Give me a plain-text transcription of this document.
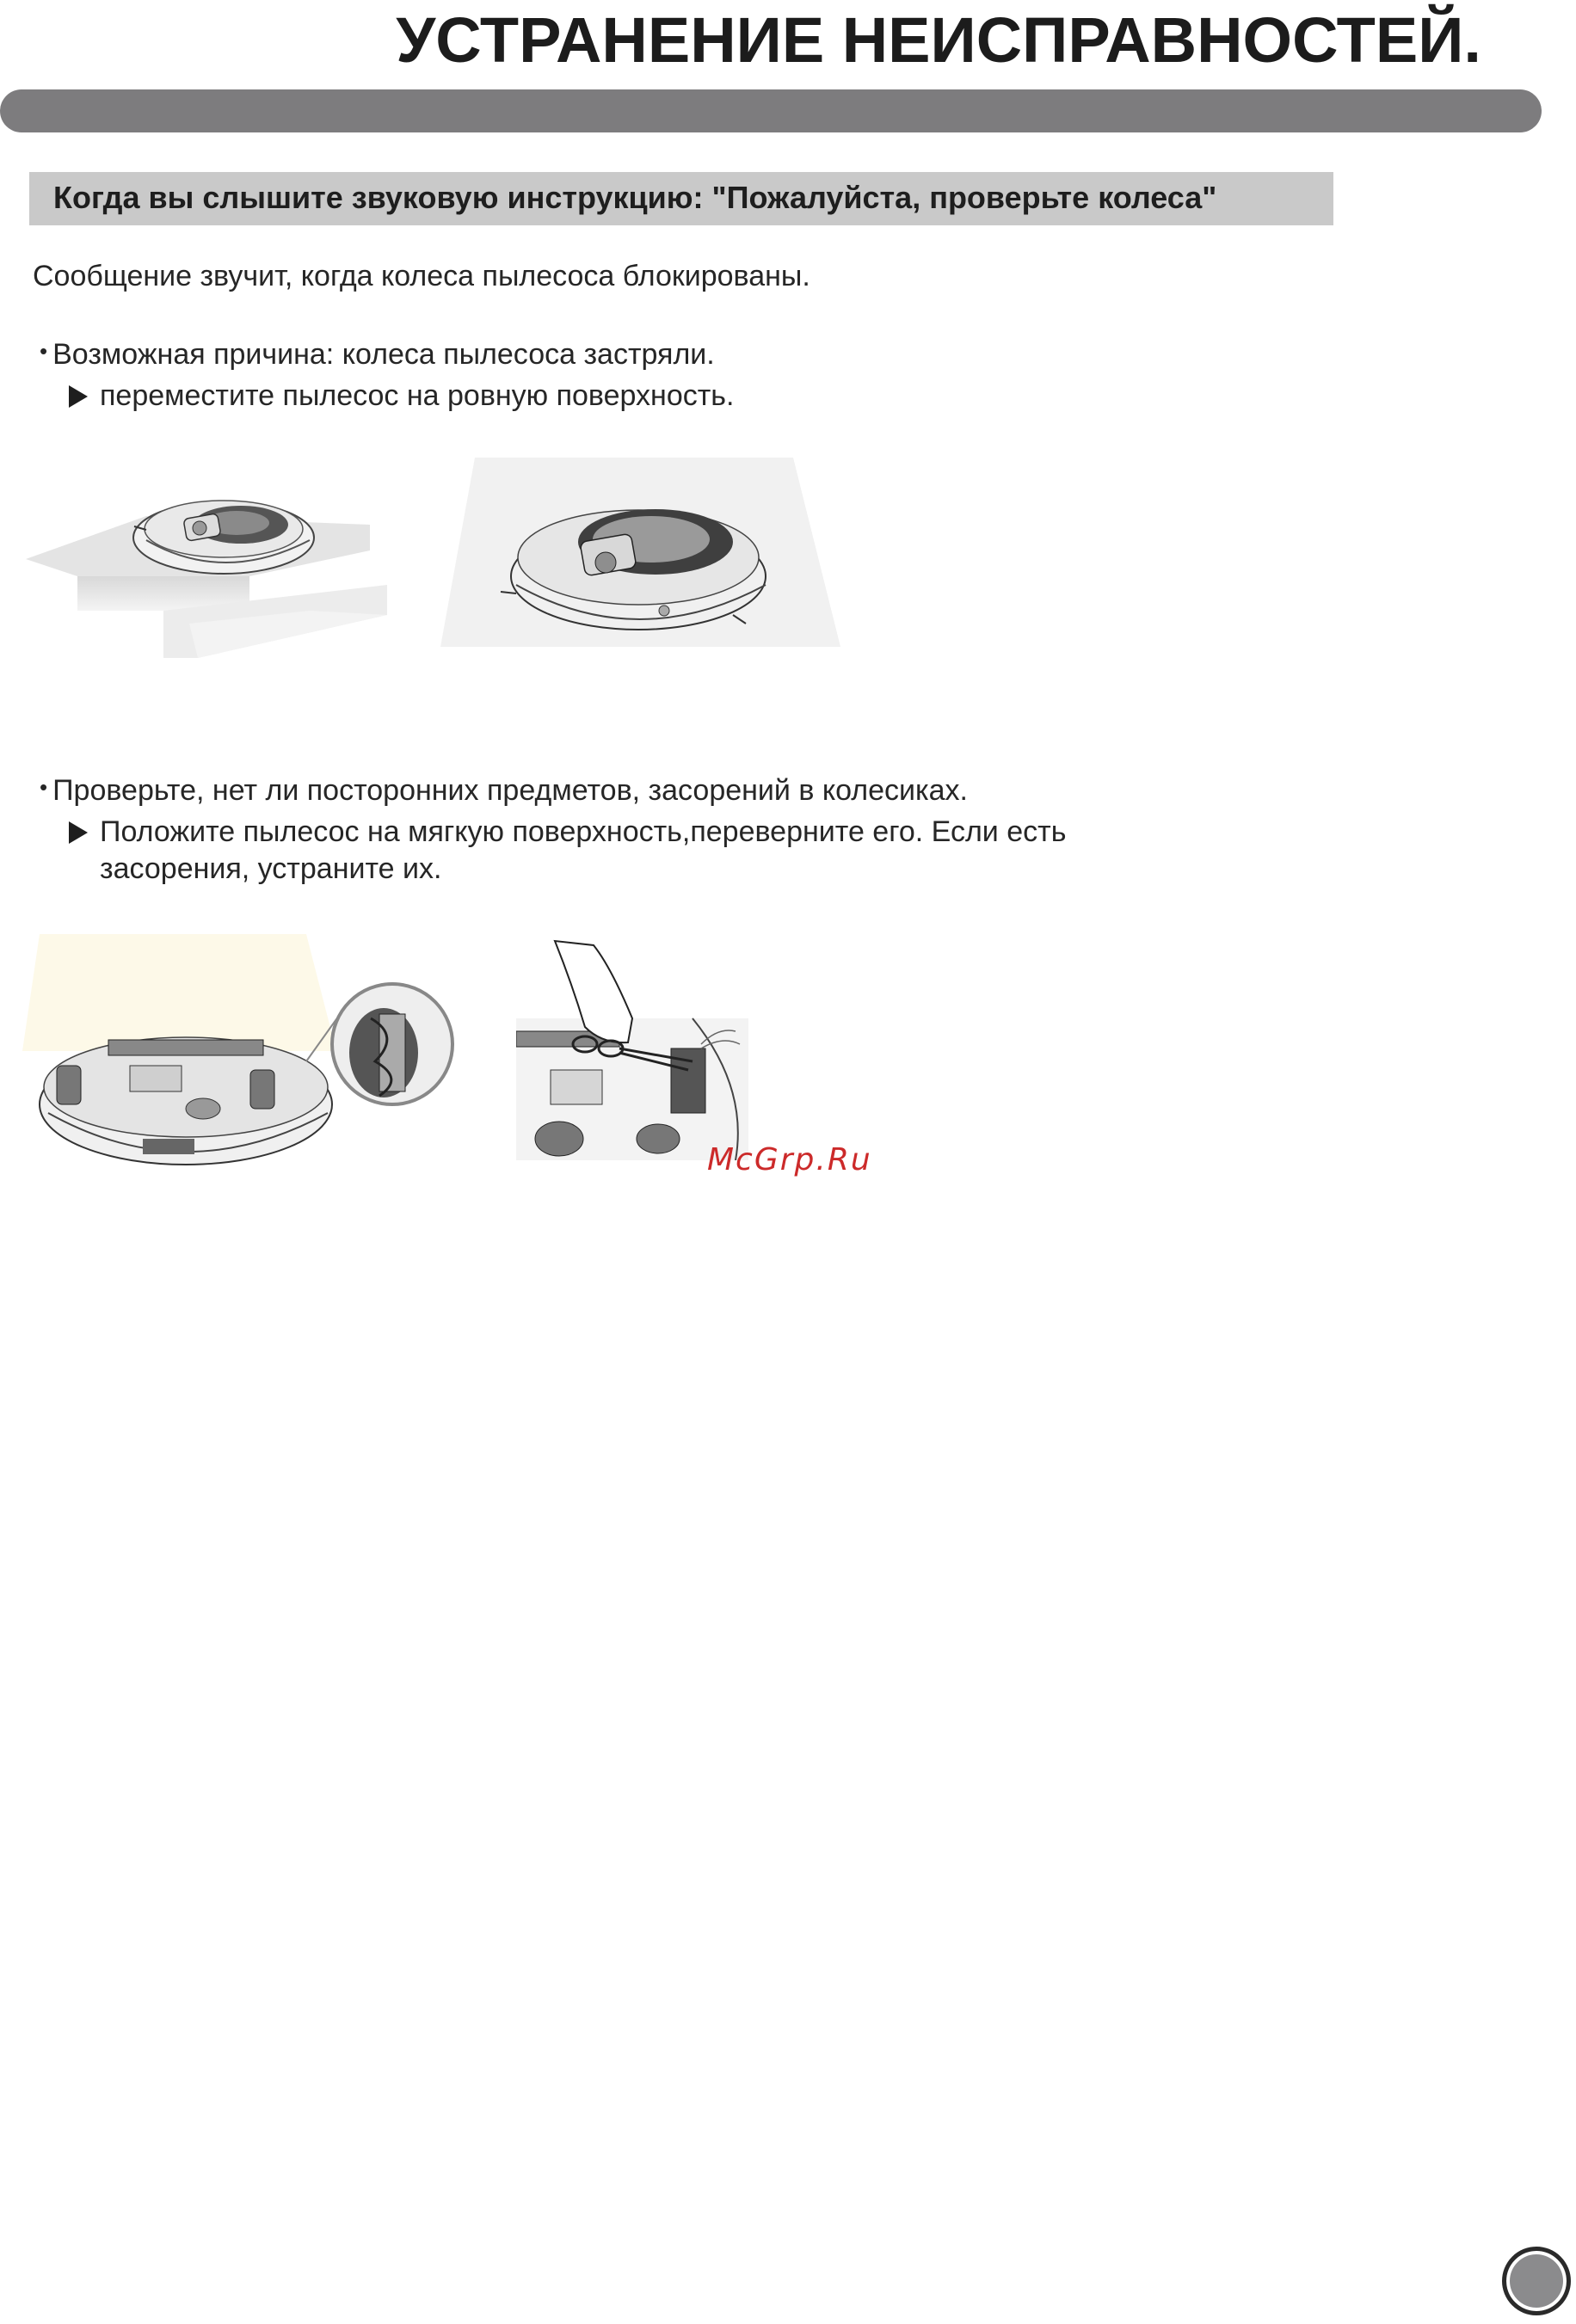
УСТРАНЕНИЕ НЕИСПРАВНОСТЕЙ.
Когда вы слышите звуковую инструкцию: "Пожалуйста, проверьте колеса"
Сообщение звучит, когда колеса пылесоса блокированы.
• Возможная причина: колеса пылесоса застряли.
переместите пылесос на ровную поверхность.
• Проверьте, нет ли посторонних предметов, засорений в колесиках.
Положите пылесос на мягкую поверхность,переверните его. Если есть
засорения, устраните их.
McGrp.Ru
